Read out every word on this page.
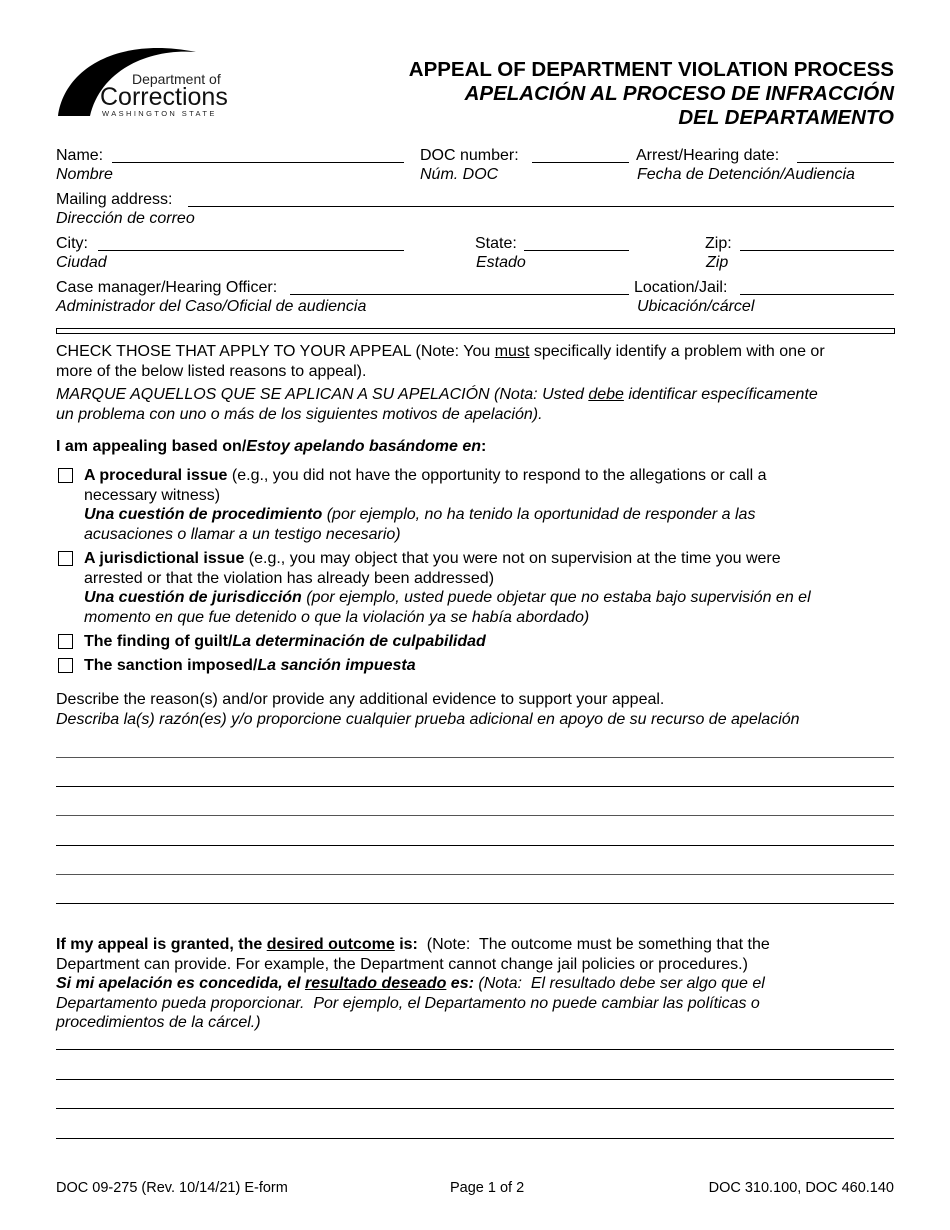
Department of
Corrections
WASHINGTON STATE
APPEAL OF DEPARTMENT VIOLATION PROCESS
APELACIÓN AL PROCESO DE INFRACCIÓN
DEL DEPARTAMENTO
Name:
Nombre
DOC number:
Núm. DOC
Arrest/Hearing date:
Fecha de Detención/Audiencia
Mailing address:
Dirección de correo
City:
Ciudad
State:
Estado
Zip:
Zip
Case manager/Hearing Officer:
Administrador del Caso/Oficial de audiencia
Location/Jail:
Ubicación/cárcel
CHECK THOSE THAT APPLY TO YOUR APPEAL (Note: You must specifically identify a problem with one or
more of the below listed reasons to appeal).
MARQUE AQUELLOS QUE SE APLICAN A SU APELACIÓN (Nota: Usted debe identificar específicamente
un problema con uno o más de los siguientes motivos de apelación).
I am appealing based on/Estoy apelando basándome en:
A procedural issue (e.g., you did not have the opportunity to respond to the allegations or call a
necessary witness)
Una cuestión de procedimiento (por ejemplo, no ha tenido la oportunidad de responder a las
acusaciones o llamar a un testigo necesario)
A jurisdictional issue (e.g., you may object that you were not on supervision at the time you were
arrested or that the violation has already been addressed)
Una cuestión de jurisdicción (por ejemplo, usted puede objetar que no estaba bajo supervisión en el
momento en que fue detenido o que la violación ya se había abordado)
The finding of guilt/La determinación de culpabilidad
The sanction imposed/La sanción impuesta
Describe the reason(s) and/or provide any additional evidence to support your appeal.
Describa la(s) razón(es) y/o proporcione cualquier prueba adicional en apoyo de su recurso de apelación
If my appeal is granted, the desired outcome is:  (Note:  The outcome must be something that the
Department can provide. For example, the Department cannot change jail policies or procedures.)
Si mi apelación es concedida, el resultado deseado es: (Nota:  El resultado debe ser algo que el
Departamento pueda proporcionar.  Por ejemplo, el Departamento no puede cambiar las políticas o
procedimientos de la cárcel.)
DOC 09-275 (Rev. 10/14/21) E-form	Page 1 of 2	DOC 310.100, DOC 460.140
